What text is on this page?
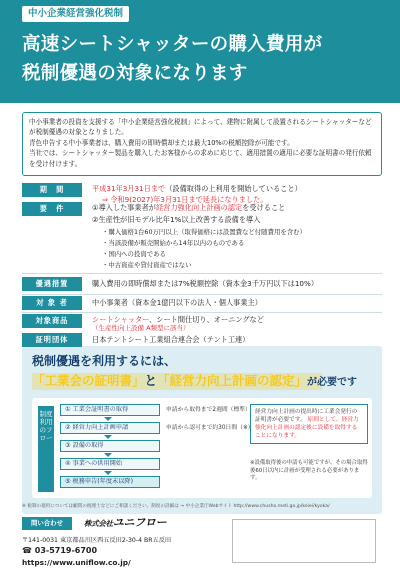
中小企業経営強化税制
高速シートシャッターの購入費用が
税制優遇の対象になります
中小事業者の投資を支援する「中小企業経営強化税制」によって、建物に附属して設置されるシートシャッターなどが税制優遇の対象となりました。
青色申告する中小事業者は、購入費用の即時償却または最大10%の税額控除が可能です。
当社では、シートシャッター製品を購入したお客様からの求めに応じて、適用措置の適用に必要な証明書の発行依頼を受け付けます。
期　間	平成31年3月31日まで（設備取得の上利用を開始していること）
⇒ 令和9(2027)年3月31日まで延長になりました。
要　件	①導入した事業者が経営力強化向上計画の認定を受けること
②生産性が旧モデル比年1%以上改善する設備を導入
・購入価格1台60万円以上（取得価格には設置費など付随費用を含む）
・当該設備が販売開始から14年以内のものである
・国内への投資である
・中古資産や貸付資産ではない
優遇措置	購入費用の即時償却または7%税額控除（資本金3千万円以下は10%）
対 象 者	中小事業者（資本金1億円以下の法人・個人事業主）
対象商品	シートシャッター、シート間仕切り、オーニングなど
（生産性向上設備 A類型に該当）
税制優遇を利用するには、
「工業会の証明書」と「経営力向上計画の認定」が必要です
制度利用のフロー
① 工業会証明書の取得
② 経営力向上計画申請
③ 設備の取得
④ 事業への供用開始
⑤ 税務申告(年度末以降)
申請から取得まで2週間（標準）
申請から認可まで約30日間（※）
経営力向上計画の提出時に工業会発行の証明書が必要です。 原則として、経営力強化向上計画の認定後に設備を取得することになります。
※設備取得後の申請も可能ですが、その場合取得後60日以内に計画が受理される必要があります。
証明団体	日本テントシート工業組合連合会（テント工連）
※ 税制の適用については顧問の税理士などにご相談ください。制度の詳細は → 中小企業庁Webサイト http://www.chusho.meti.go.jp/keiei/kyoka/
問い合わせ	株式会社ユニフロー
〒141-0031 東京都品川区西五反田2-30-4 BR五反田
☎ 03-5719-6700
https://www.uniflow.co.jp/
